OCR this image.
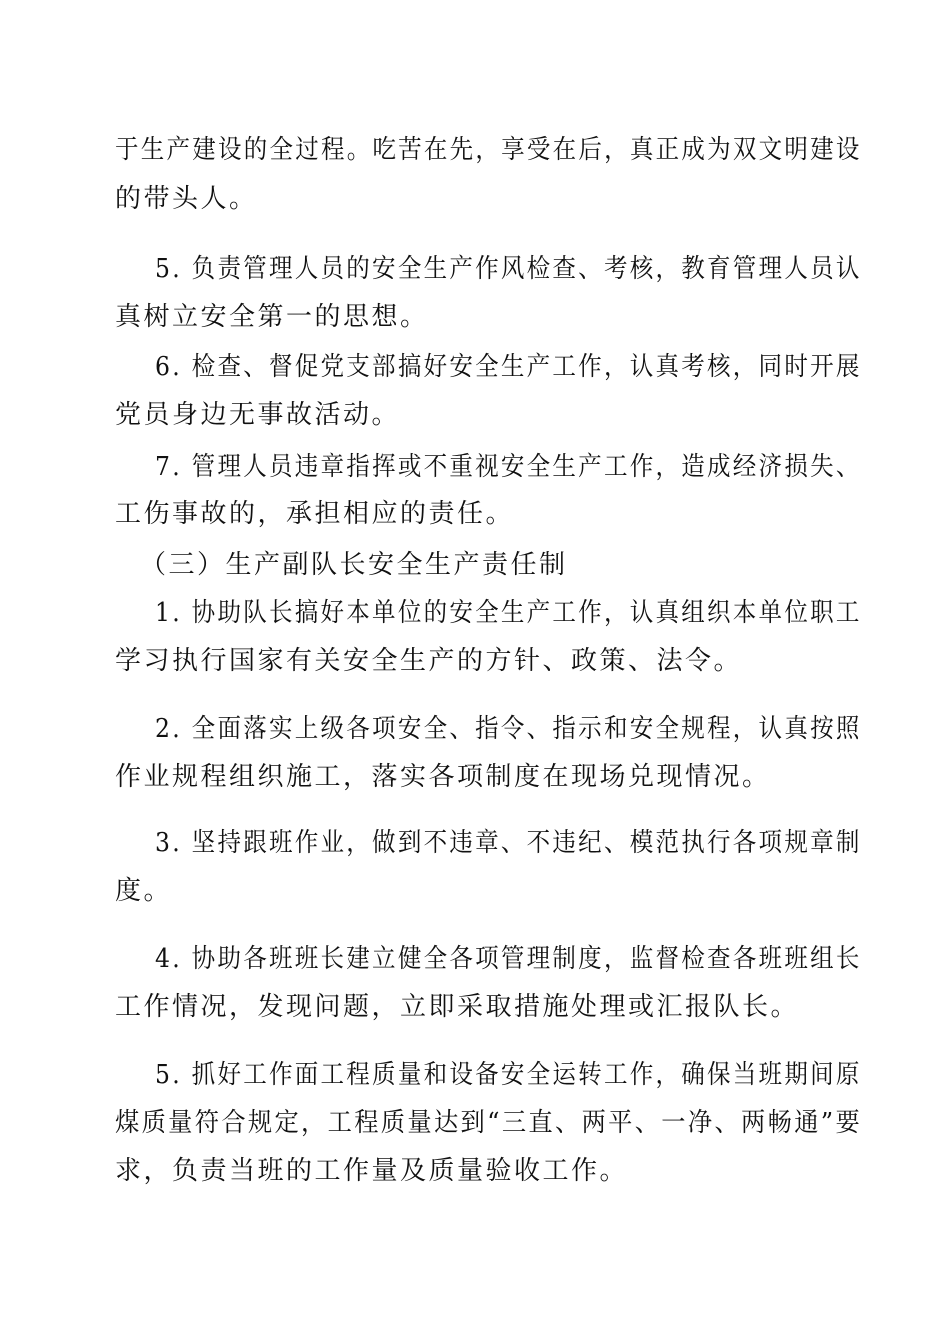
于生产建设的全过程。吃苦在先，享受在后，真正成为双文明建设

的带头人。

5. 负责管理人员的安全生产作风检查、考核，教育管理人员认

真树立安全第一的思想。

6. 检查、督促党支部搞好安全生产工作，认真考核，同时开展

党员身边无事故活动。

7. 管理人员违章指挥或不重视安全生产工作，造成经济损失、

工伤事故的，承担相应的责任。

（三）生产副队长安全生产责任制

1. 协助队长搞好本单位的安全生产工作，认真组织本单位职工

学习执行国家有关安全生产的方针、政策、法令。

2. 全面落实上级各项安全、指令、指示和安全规程，认真按照

作业规程组织施工，落实各项制度在现场兑现情况。

3. 坚持跟班作业，做到不违章、不违纪、模范执行各项规章制

度。

4. 协助各班班长建立健全各项管理制度，监督检查各班班组长

工作情况，发现问题，立即采取措施处理或汇报队长。

5. 抓好工作面工程质量和设备安全运转工作，确保当班期间原

煤质量符合规定，工程质量达到“三直、两平、一净、两畅通”要

求，负责当班的工作量及质量验收工作。
